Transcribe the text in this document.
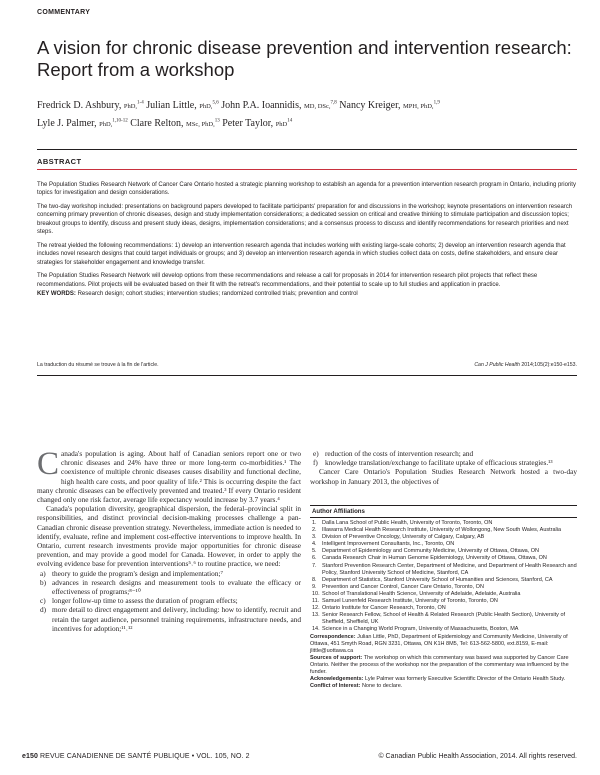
COMMENTARY
A vision for chronic disease prevention and intervention research: Report from a workshop
Fredrick D. Ashbury, PhD,$^{1-4}$ Julian Little, PhD,$^{5,6}$ John P.A. Ioannidis, MD, DSc,$^{7,8}$ Nancy Kreiger, MPH, PhD,$^{1,9}$
Lyle J. Palmer, PhD,$^{1,10-12}$ Clare Relton, MSc, PhD,$^{13}$ Peter Taylor, PhD$^{14}$
ABSTRACT

The Population Studies Research Network of Cancer Care Ontario hosted a strategic planning workshop to establish an agenda for a prevention intervention research program in Ontario, including priority topics for investigation and design considerations.

The two-day workshop included: presentations on background papers developed to facilitate participants' preparation for and discussions in the workshop; keynote presentations on intervention research concerning primary prevention of chronic diseases, design and study implementation considerations; a dedicated session on critical and creative thinking to stimulate participation and discussion topics; breakout groups to identify, discuss and present study ideas, designs, implementation considerations; and a consensus process to discuss and identify recommendations for research priorities and next steps.

The retreat yielded the following recommendations: 1) develop an intervention research agenda that includes working with existing large-scale cohorts; 2) develop an intervention research agenda that includes novel research designs that could target individuals or groups; and 3) develop an intervention research agenda in which studies collect data on costs, define stakeholders, and ensure clear strategies for stakeholder engagement and knowledge transfer.

The Population Studies Research Network will develop options from these recommendations and release a call for proposals in 2014 for intervention research pilot projects that reflect these recommendations. Pilot projects will be evaluated based on their fit with the retreat's recommendations, and their potential to scale up to full studies and application in practice.

KEY WORDS: Research design; cohort studies; intervention studies; randomized controlled trials; prevention and control

La traduction du résumé se trouve à la fin de l'article.	Can J Public Health 2014;105(2):e150-e153.

Canada's population is aging. About half of Canadian seniors report one or two chronic diseases and 24% have three or more long-term co-morbidities.¹ The coexistence of multiple chronic diseases causes disability and functional decline, high health care costs, and poor quality of life.² This is occurring despite the fact many chronic diseases can be effectively prevented and treated.³ If every Ontario resident changed only one risk factor, average life expectancy would increase by 3.7 years.⁴

Canada's population diversity, geographical dispersion, the federal–provincial split in responsibilities, and distinct provincial decision-making processes challenge a pan-Canadian chronic disease prevention strategy. Nevertheless, immediate action is needed to identify, evaluate, refine and implement cost-effective interventions to improve health. In Ontario, current research investments provide major opportunities for chronic disease prevention, and may provide a good model for Canada. However, in order to apply the evolving evidence base for prevention interventions⁵˒⁶ to routine practice, we need:

a) theory to guide the program's design and implementation;⁷
b) advances in research designs and measurement tools to evaluate the efficacy or effectiveness of programs;⁸⁻¹⁰
c) longer follow-up time to assess the duration of program effects;
d) more detail to direct engagement and delivery, including: how to identify, recruit and retain the target audience, personnel training requirements, infrastructure needs, and incentives for adoption;¹¹˒¹²
e) reduction of the costs of intervention research; and
f) knowledge translation/exchange to facilitate uptake of efficacious strategies.¹³

Cancer Care Ontario's Population Studies Research Network hosted a two-day workshop in January 2013, the objectives of

Author Affiliations
1. Dalla Lana School of Public Health, University of Toronto, Toronto, ON
2. Illawarra Medical Health Research Institute, University of Wollongong, New South Wales, Australia
3. Division of Preventive Oncology, University of Calgary, Calgary, AB
4. Intelligent Improvement Consultants, Inc., Toronto, ON
5. Department of Epidemiology and Community Medicine, University of Ottawa, Ottawa, ON
6. Canada Research Chair in Human Genome Epidemiology, University of Ottawa, Ottawa, ON
7. Stanford Prevention Research Center, Department of Medicine, and Department of Health Research and Policy, Stanford University School of Medicine, Stanford, CA
8. Department of Statistics, Stanford University School of Humanities and Sciences, Stanford, CA
9. Prevention and Cancer Control, Cancer Care Ontario, Toronto, ON
10. School of Translational Health Science, University of Adelaide, Adelaide, Australia
11. Samuel Lunenfeld Research Institute, University of Toronto, Toronto, ON
12. Ontario Institute for Cancer Research, Toronto, ON
13. Senior Research Fellow, School of Health & Related Research (Public Health Section), University of Sheffield, Sheffield, UK
14. Science in a Changing World Program, University of Massachusetts, Boston, MA
Correspondence: Julian Little, PhD, Department of Epidemiology and Community Medicine, University of Ottawa, 451 Smyth Road, RGN 3231, Ottawa, ON K1H 8M5, Tel: 613-562-5800, ext.8159, E-mail: jlittle@uottawa.ca
Sources of support: The workshop on which this commentary was based was supported by Cancer Care Ontario. Neither the process of the workshop nor the preparation of the commentary was influenced by the funder.
Acknowledgements: Lyle Palmer was formerly Executive Scientific Director of the Ontario Health Study.
Conflict of Interest: None to declare.
e150 REVUE CANADIENNE DE SANTÉ PUBLIQUE • VOL. 105, NO. 2	© Canadian Public Health Association, 2014. All rights reserved.
